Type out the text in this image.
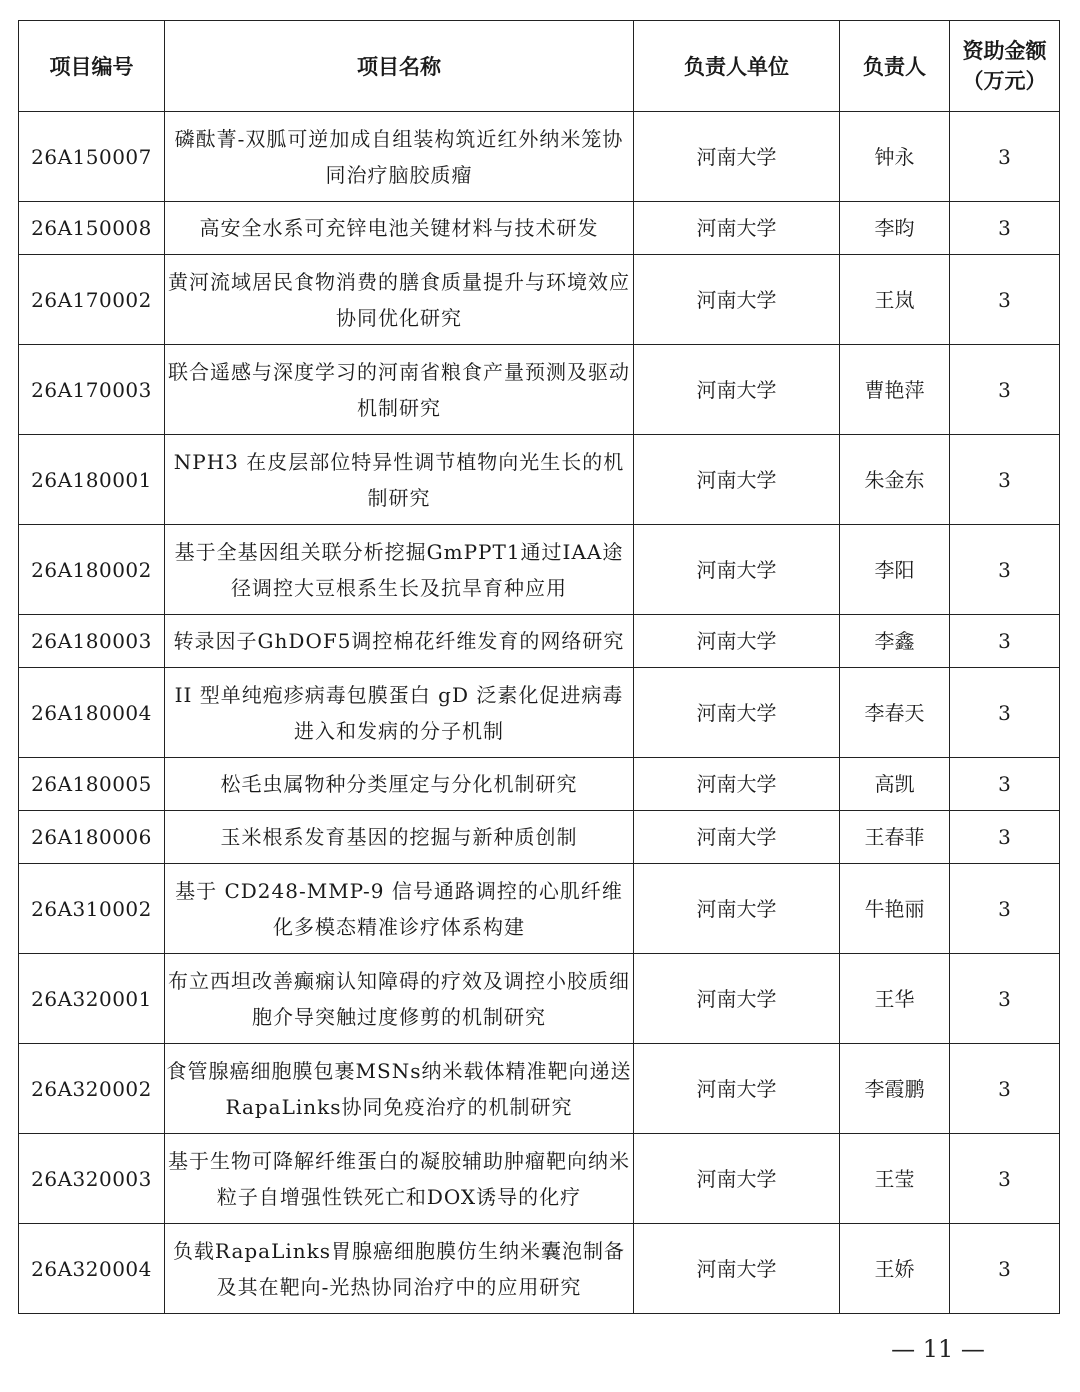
项目编号	项目名称	负责人单位	负责人	资助金额
（万元）

26A150007	磷酞菁-双胍可逆加成自组装构筑近红外纳米笼协同治疗脑胶质瘤	河南大学	钟永	3
26A150008	高安全水系可充锌电池关键材料与技术研发	河南大学	李昀	3
26A170002	黄河流域居民食物消费的膳食质量提升与环境效应协同优化研究	河南大学	王岚	3
26A170003	联合遥感与深度学习的河南省粮食产量预测及驱动机制研究	河南大学	曹艳萍	3
26A180001	NPH3 在皮层部位特异性调节植物向光生长的机制研究	河南大学	朱金东	3
26A180002	基于全基因组关联分析挖掘GmPPT1通过IAA途径调控大豆根系生长及抗旱育种应用	河南大学	李阳	3
26A180003	转录因子GhDOF5调控棉花纤维发育的网络研究	河南大学	李鑫	3
26A180004	II 型单纯疱疹病毒包膜蛋白 gD 泛素化促进病毒进入和发病的分子机制	河南大学	李春天	3
26A180005	松毛虫属物种分类厘定与分化机制研究	河南大学	高凯	3
26A180006	玉米根系发育基因的挖掘与新种质创制	河南大学	王春菲	3
26A310002	基于 CD248-MMP-9 信号通路调控的心肌纤维化多模态精准诊疗体系构建	河南大学	牛艳丽	3
26A320001	布立西坦改善癫痫认知障碍的疗效及调控小胶质细胞介导突触过度修剪的机制研究	河南大学	王华	3
26A320002	食管腺癌细胞膜包裹MSNs纳米载体精准靶向递送RapaLinks协同免疫治疗的机制研究	河南大学	李霞鹏	3
26A320003	基于生物可降解纤维蛋白的凝胶辅助肿瘤靶向纳米粒子自增强性铁死亡和DOX诱导的化疗	河南大学	王莹	3
26A320004	负载RapaLinks胃腺癌细胞膜仿生纳米囊泡制备及其在靶向-光热协同治疗中的应用研究	河南大学	王娇	3
— 11 —
